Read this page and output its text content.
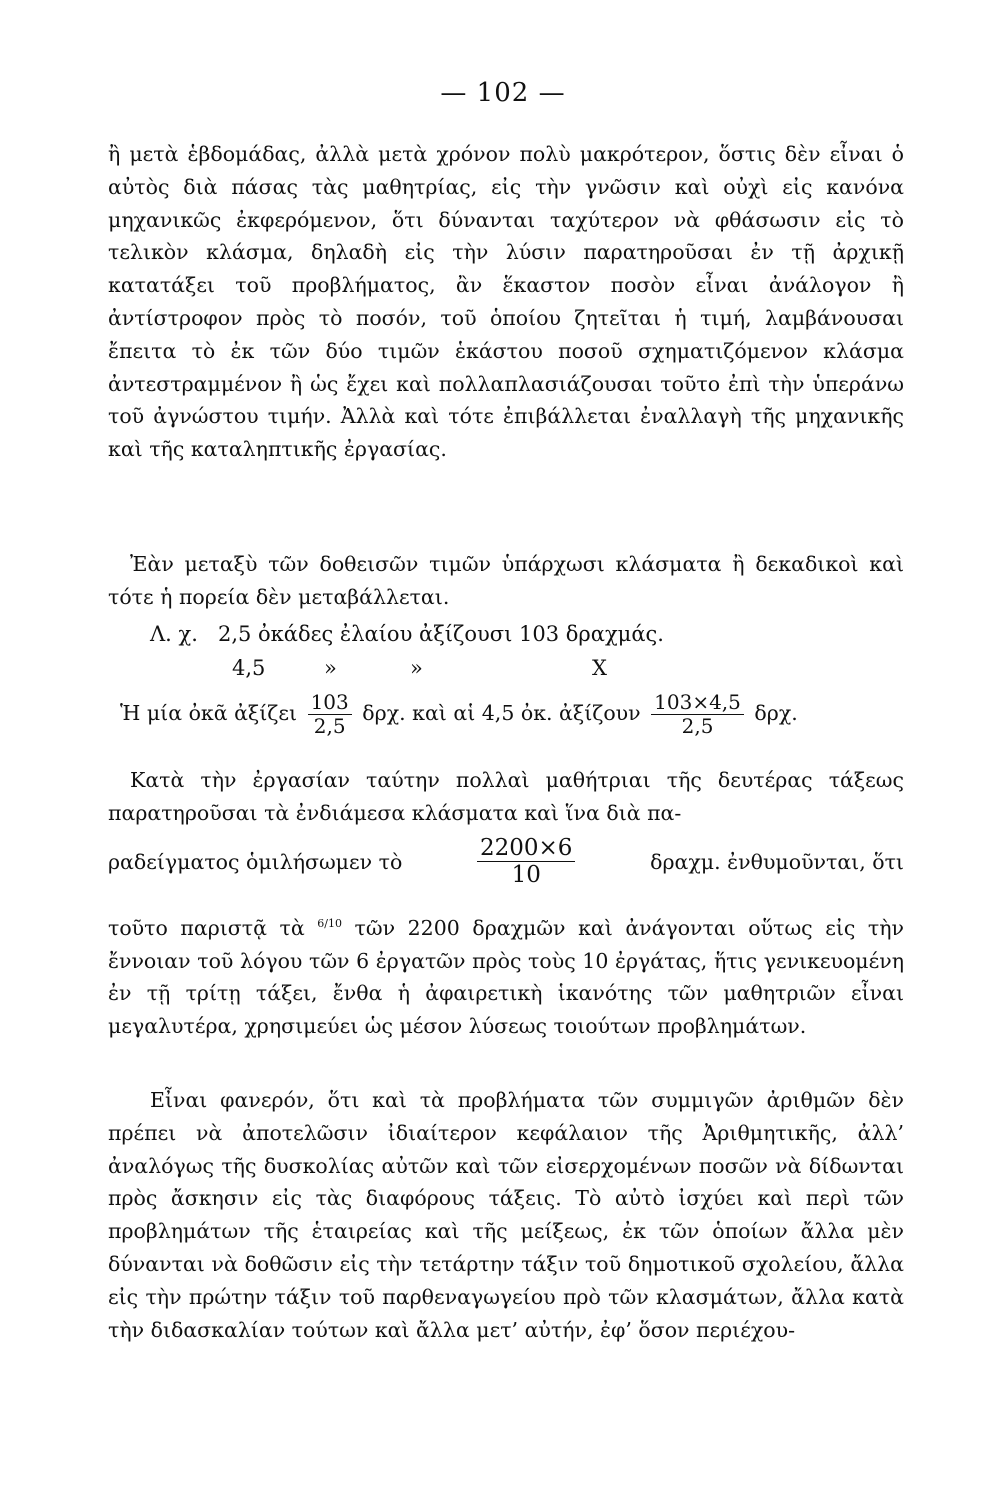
— 102 —
ἢ μετὰ ἑβδομάδας, ἀλλὰ μετὰ χρόνον πολὺ μακρότερον, ὅστις δὲν εἶναι ὁ αὐτὸς διὰ πάσας τὰς μαθητρίας, εἰς τὴν γνῶσιν καὶ οὐχὶ εἰς κανόνα μηχανικῶς ἐκφερόμενον, ὅτι δύνανται ταχύτερον νὰ φθάσωσιν εἰς τὸ τελικὸν κλάσμα, δηλαδὴ εἰς τὴν λύσιν παρατηροῦσαι ἐν τῇ ἀρχικῇ κατατάξει τοῦ προβλήματος, ἂν ἕκαστον ποσὸν εἶναι ἀνάλογον ἢ ἀντίστροφον πρὸς τὸ ποσόν, τοῦ ὁποίου ζητεῖται ἡ τιμή, λαμβάνουσαι ἔπειτα τὸ ἐκ τῶν δύο τιμῶν ἑκάστου ποσοῦ σχηματιζόμενον κλάσμα ἀντεστραμμένον ἢ ὡς ἔχει καὶ πολλαπλασιάζουσαι τοῦτο ἐπὶ τὴν ὑπεράνω τοῦ ἀγνώστου τιμήν. Ἀλλὰ καὶ τότε ἐπιβάλλεται ἐναλλαγὴ τῆς μηχανικῆς καὶ τῆς καταληπτικῆς ἐργασίας.
Ἐὰν μεταξὺ τῶν δοθεισῶν τιμῶν ὑπάρχωσι κλάσματα ἢ δεκαδικοὶ καὶ τότε ἡ πορεία δὲν μεταβάλλεται.
Λ. χ. 2,5 ὀκάδες ἐλαίου ἀξίζουσι 103 δραχμάς.
4,5	»	»	Χ
Ἡ μία ὀκᾶ ἀξίζει $\frac{103}{2,5} \delta\rho\chi$. καὶ αἱ 4,5 ὀκ. ἀξίζουν $\frac{103\times 4,5}{2,5} \delta\rho\chi$.
Κατὰ τὴν ἐργασίαν ταύτην πολλαὶ μαθήτριαι τῆς δευτέρας τάξεως παρατηροῦσαι τὰ ἐνδιάμεσα κλάσματα καὶ ἵνα διὰ πα-
ραδείγματος ὁμιλήσωμεν τὸ	$\frac{2200\times 6}{10}$	δραχμ. ἐνθυμοῦνται, ὅτι
τοῦτο παριστᾷ τὰ $^{6/10}$ τῶν 2200 δραχμῶν καὶ ἀνάγονται οὕτως εἰς τὴν ἔννοιαν τοῦ λόγου τῶν 6 ἐργατῶν πρὸς τοὺς 10 ἐργάτας, ἥτις γενικευομένη ἐν τῇ τρίτῃ τάξει, ἔνθα ἡ ἀφαιρετικὴ ἱκανότης τῶν μαθητριῶν εἶναι μεγαλυτέρα, χρησιμεύει ὡς μέσον λύσεως τοιούτων προβλημάτων.
Εἶναι φανερόν, ὅτι καὶ τὰ προβλήματα τῶν συμμιγῶν ἀριθμῶν δὲν πρέπει νὰ ἀποτελῶσιν ἰδιαίτερον κεφάλαιον τῆς Ἀριθμητικῆς, ἀλλ’ ἀναλόγως τῆς δυσκολίας αὐτῶν καὶ τῶν εἰσερχομένων ποσῶν νὰ δίδωνται πρὸς ἄσκησιν εἰς τὰς διαφόρους τάξεις. Τὸ αὐτὸ ἰσχύει καὶ περὶ τῶν προβλημάτων τῆς ἑταιρείας καὶ τῆς μείξεως, ἐκ τῶν ὁποίων ἄλλα μὲν δύνανται νὰ δοθῶσιν εἰς τὴν τετάρτην τάξιν τοῦ δημοτικοῦ σχολείου, ἄλλα εἰς τὴν πρώτην τάξιν τοῦ παρθεναγωγείου πρὸ τῶν κλασμάτων, ἄλλα κατὰ τὴν διδασκαλίαν τούτων καὶ ἄλλα μετ’ αὐτήν, ἐφ’ ὅσον περιέχου-
